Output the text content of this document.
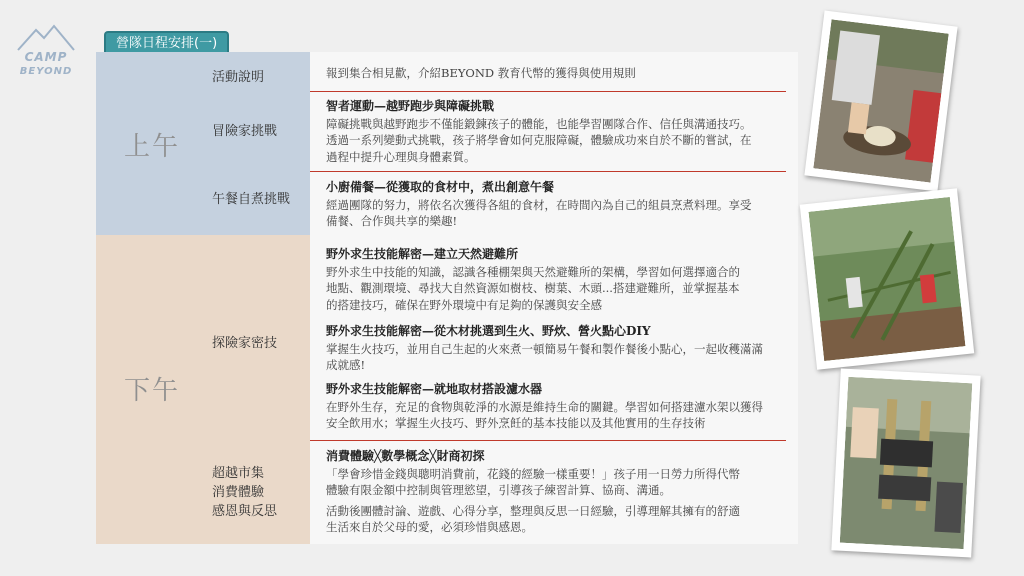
CAMP
BEYOND
營隊日程安排(一)
上午
下午
活動說明
冒險家挑戰
午餐自煮挑戰
探險家密技
超越市集
消費體驗
感恩與反思

報到集合相見歡，介紹BEYOND 教育代幣的獲得與使用規則

智者運動—越野跑步與障礙挑戰

障礙挑戰與越野跑步不僅能鍛鍊孩子的體能，也能學習團隊合作、信任與溝通技巧。

透過一系列變動式挑戰，孩子將學會如何克服障礙，體驗成功來自於不斷的嘗試，在

過程中提升心理與身體素質。

小廚備餐—從獲取的食材中，煮出創意午餐

經過團隊的努力，將依名次獲得各組的食材，在時間內為自己的組員烹煮料理。享受

備餐、合作與共享的樂趣!

野外求生技能解密—建立天然避難所

野外求生中技能的知識，認識各種棚架與天然避難所的架構，學習如何選擇適合的

地點、觀測環境、尋找大自然資源如樹枝、樹葉、木頭...搭建避難所，並掌握基本

的搭建技巧，確保在野外環境中有足夠的保護與安全感

野外求生技能解密—從木材挑選到生火、野炊、營火點心DIY

掌握生火技巧，並用自己生起的火來煮一頓簡易午餐和製作餐後小點心，一起收穫滿滿

成就感!

野外求生技能解密—就地取材搭設濾水器

在野外生存，充足的食物與乾淨的水源是維持生命的關鍵。學習如何搭建濾水架以獲得

安全飲用水；掌握生火技巧、野外烹飪的基本技能以及其他實用的生存技術

消費體驗╳數學概念╳財商初探

「學會珍惜金錢與聰明消費前，花錢的經驗一樣重要！」孩子用一日勞力所得代幣

體驗有限金額中控制與管理慾望，引導孩子練習計算、協商、溝通。

活動後團體討論、遊戲、心得分享，整理與反思一日經驗，引導理解其擁有的舒適

生活來自於父母的愛，必須珍惜與感恩。
